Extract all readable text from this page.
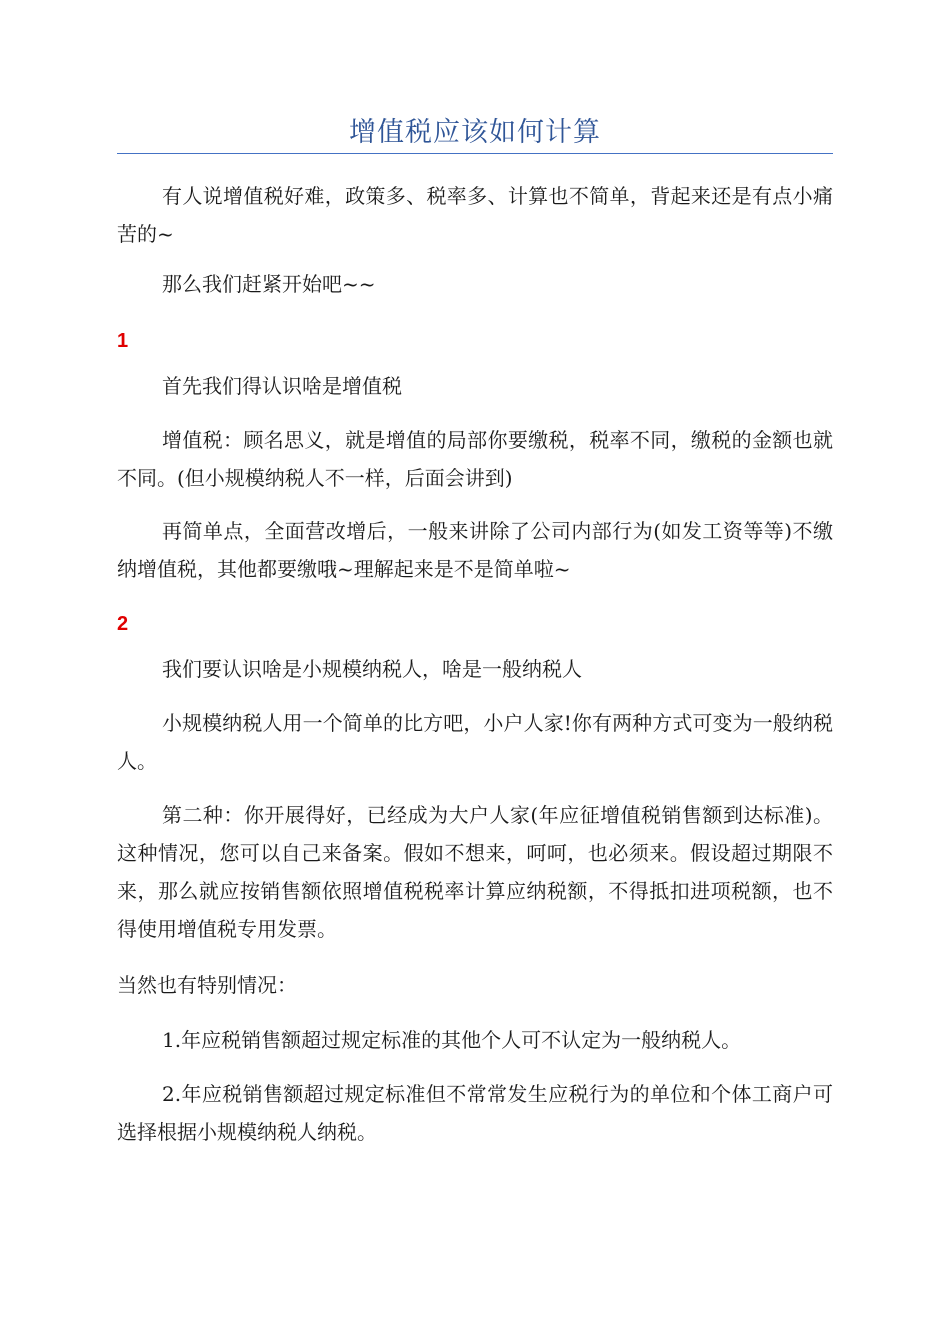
增值税应该如何计算

有人说增值税好难，政策多、税率多、计算也不简单，背起来还是有点小痛苦的~

那么我们赶紧开始吧~~

1

首先我们得认识啥是增值税

增值税：顾名思义，就是增值的局部你要缴税，税率不同，缴税的金额也就不同。(但小规模纳税人不一样，后面会讲到)

再简单点，全面营改增后，一般来讲除了公司内部行为(如发工资等等)不缴纳增值税，其他都要缴哦~理解起来是不是简单啦~

2

我们要认识啥是小规模纳税人，啥是一般纳税人

小规模纳税人用一个简单的比方吧，小户人家!你有两种方式可变为一般纳税人。

第二种：你开展得好，已经成为大户人家(年应征增值税销售额到达标准)。这种情况，您可以自己来备案。假如不想来，呵呵，也必须来。假设超过期限不来，那么就应按销售额依照增值税税率计算应纳税额，不得抵扣进项税额，也不得使用增值税专用发票。

当然也有特别情况：

1.年应税销售额超过规定标准的其他个人可不认定为一般纳税人。

2.年应税销售额超过规定标准但不常常发生应税行为的单位和个体工商户可选择根据小规模纳税人纳税。
